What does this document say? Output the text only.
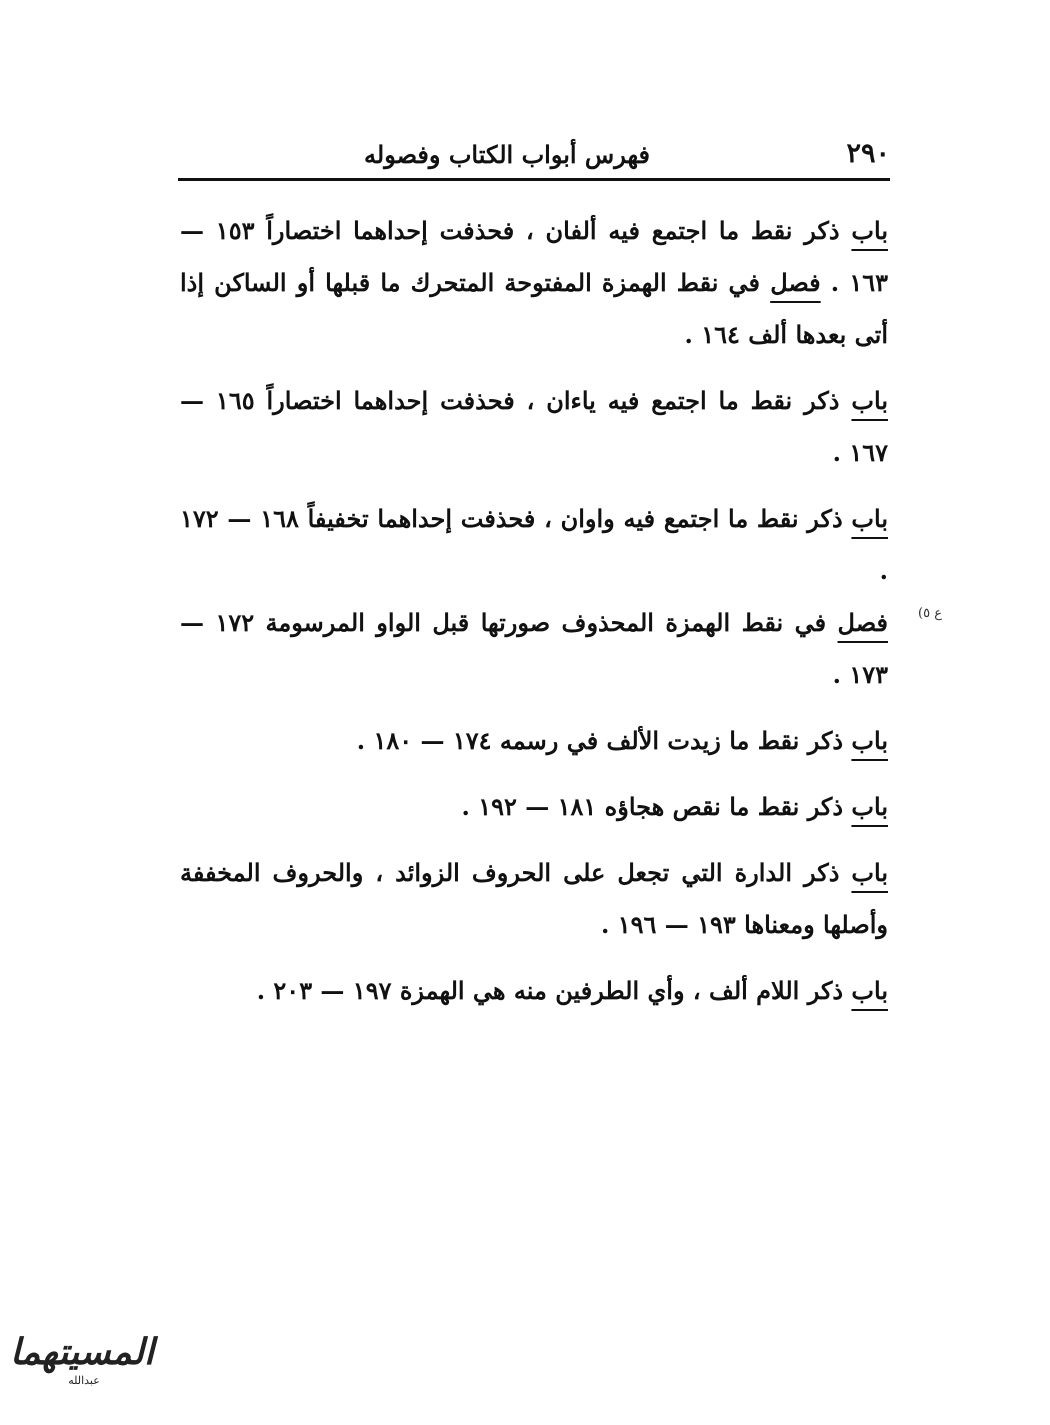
٢٩٠
فهرس أبواب الكتاب وفصوله
باب ذكر نقط ما اجتمع فيه ألفان ، فحذفت إحداهما اختصاراً ١٥٣ — ١٦٣ . فصل في نقط الهمزة المفتوحة المتحرك ما قبلها أو الساكن إذا أتى بعدها ألف ١٦٤ .
باب ذكر نقط ما اجتمع فيه ياءان ، فحذفت إحداهما اختصاراً ١٦٥ — ١٦٧ .
باب ذكر نقط ما اجتمع فيه واوان ، فحذفت إحداهما تخفيفاً ١٦٨ — ١٧٢ .
فصل في نقط الهمزة المحذوف صورتها قبل الواو المرسومة ١٧٢ — ١٧٣ .
باب ذكر نقط ما زيدت الألف في رسمه ١٧٤ — ١٨٠ .
باب ذكر نقط ما نقص هجاؤه ١٨١ — ١٩٢ .
باب ذكر الدارة التي تجعل على الحروف الزوائد ، والحروف المخففة وأصلها ومعناها ١٩٣ — ١٩٦ .
باب ذكر اللام ألف ، وأي الطرفين منه هي الهمزة ١٩٧ — ٢٠٣ .
ع ٥)
المسيتهما
عبدالله
